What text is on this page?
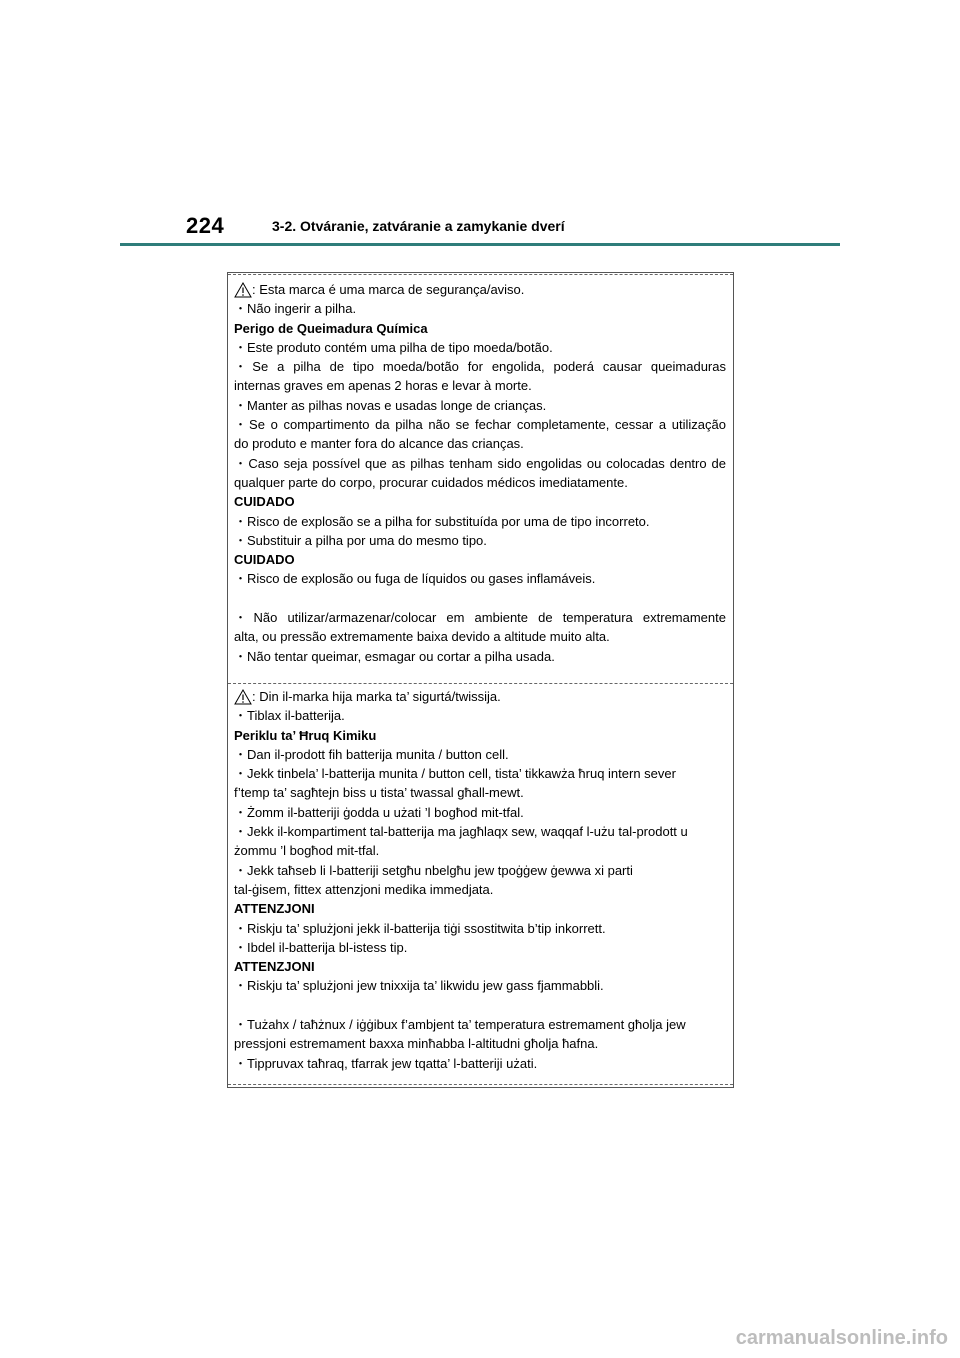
224	3-2. Otváranie, zatváranie a zamykanie dverí
: Esta marca é uma marca de segurança/aviso.
・Não ingerir a pilha.
Perigo de Queimadura Química
・Este produto contém uma pilha de tipo moeda/botão.
・Se a pilha de tipo moeda/botão for engolida, poderá causar queimaduras
internas graves em apenas 2 horas e levar à morte.
・Manter as pilhas novas e usadas longe de crianças.
・Se o compartimento da pilha não se fechar completamente, cessar a utilização
do produto e manter fora do alcance das crianças.
・Caso seja possível que as pilhas tenham sido engolidas ou colocadas dentro de
qualquer parte do corpo, procurar cuidados médicos imediatamente.
CUIDADO
・Risco de explosão se a pilha for substituída por uma de tipo incorreto.
・Substituir a pilha por uma do mesmo tipo.
CUIDADO
・Risco de explosão ou fuga de líquidos ou gases inflamáveis.
・Não utilizar/armazenar/colocar em ambiente de temperatura extremamente
alta, ou pressão extremamente baixa devido a altitude muito alta.
・Não tentar queimar, esmagar ou cortar a pilha usada.
: Din il-marka hija marka ta’ sigurtá/twissija.
・Tiblax il-batterija.
Periklu ta’ Ħruq Kimiku
・Dan il-prodott fih batterija munita / button cell.
・Jekk tinbela’ l-batterija munita / button cell, tista’ tikkawża ħruq intern sever
f’temp ta’ sagħtejn biss u tista’ twassal għall-mewt.
・Żomm il-batteriji ġodda u użati ’l bogħod mit-tfal.
・Jekk il-kompartiment tal-batterija ma jagħlaqx sew, waqqaf l-użu tal-prodott u
żommu ’l bogħod mit-tfal.
・Jekk taħseb li l-batteriji setgħu nbelgħu jew tpoġġew ġewwa xi parti
tal-ġisem, fittex attenzjoni medika immedjata.
ATTENZJONI
・Riskju ta’ splużjoni jekk il-batterija tiġi ssostitwita b’tip inkorrett.
・Ibdel il-batterija bl-istess tip.
ATTENZJONI
・Riskju ta’ splużjoni jew tnixxija ta’ likwidu jew gass fjammabbli.
・Tużahx / taħżnux / iġġibux f’ambjent ta’ temperatura estremament għolja jew
pressjoni estremament baxxa minħabba l-altitudni għolja ħafna.
・Tippruvax taħraq, tfarrak jew tqatta’ l-batteriji użati.
carmanualsonline.info
